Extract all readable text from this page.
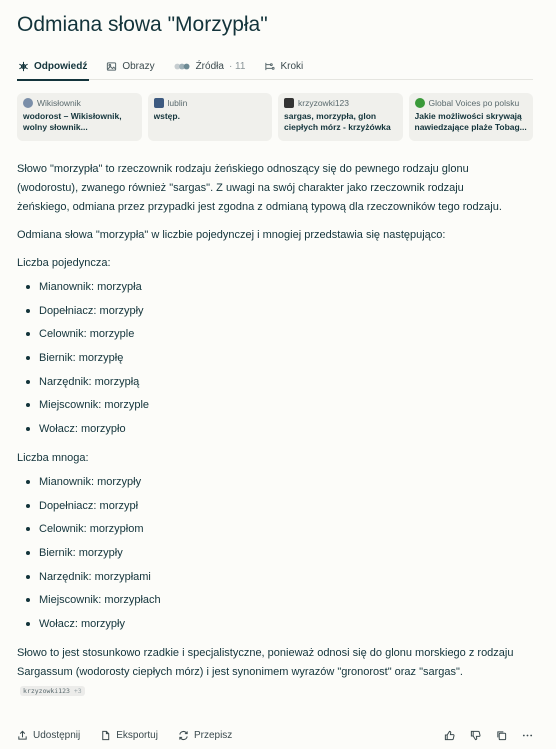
Odmiana słowa "Morzypła"
Odpowiedź	Obrazy	Źródła · 11	Kroki
Wikisłownik
wodorost – Wikisłownik, wolny słownik...
lublin
wstęp.
krzyzowki123
sargas, morzypła, glon ciepłych mórz - krzyżówka
Global Voices po polsku
Jakie możliwości skrywają nawiedzające plaże Tobag...

Słowo "morzypła" to rzeczownik rodzaju żeńskiego odnoszący się do pewnego rodzaju glonu (wodorostu), zwanego również "sargas". Z uwagi na swój charakter jako rzeczownik rodzaju żeńskiego, odmiana przez przypadki jest zgodna z odmianą typową dla rzeczowników tego rodzaju.

Odmiana słowa "morzypła" w liczbie pojedynczej i mnogiej przedstawia się następująco:

Liczba pojedyncza:

Mianownik: morzypła
Dopełniacz: morzypły
Celownik: morzyple
Biernik: morzypłę
Narzędnik: morzypłą
Miejscownik: morzyple
Wołacz: morzypło

Liczba mnoga:

Mianownik: morzypły
Dopełniacz: morzypł
Celownik: morzypłom
Biernik: morzypły
Narzędnik: morzypłami
Miejscownik: morzypłach
Wołacz: morzypły

Słowo to jest stosunkowo rzadkie i specjalistyczne, ponieważ odnosi się do glonu morskiego z rodzaju Sargassum (wodorosty ciepłych mórz) i jest synonimem wyrazów "gronorost" oraz "sargas".krzyzowki123 +3

Udostępnij	Eksportuj	Przepisz
